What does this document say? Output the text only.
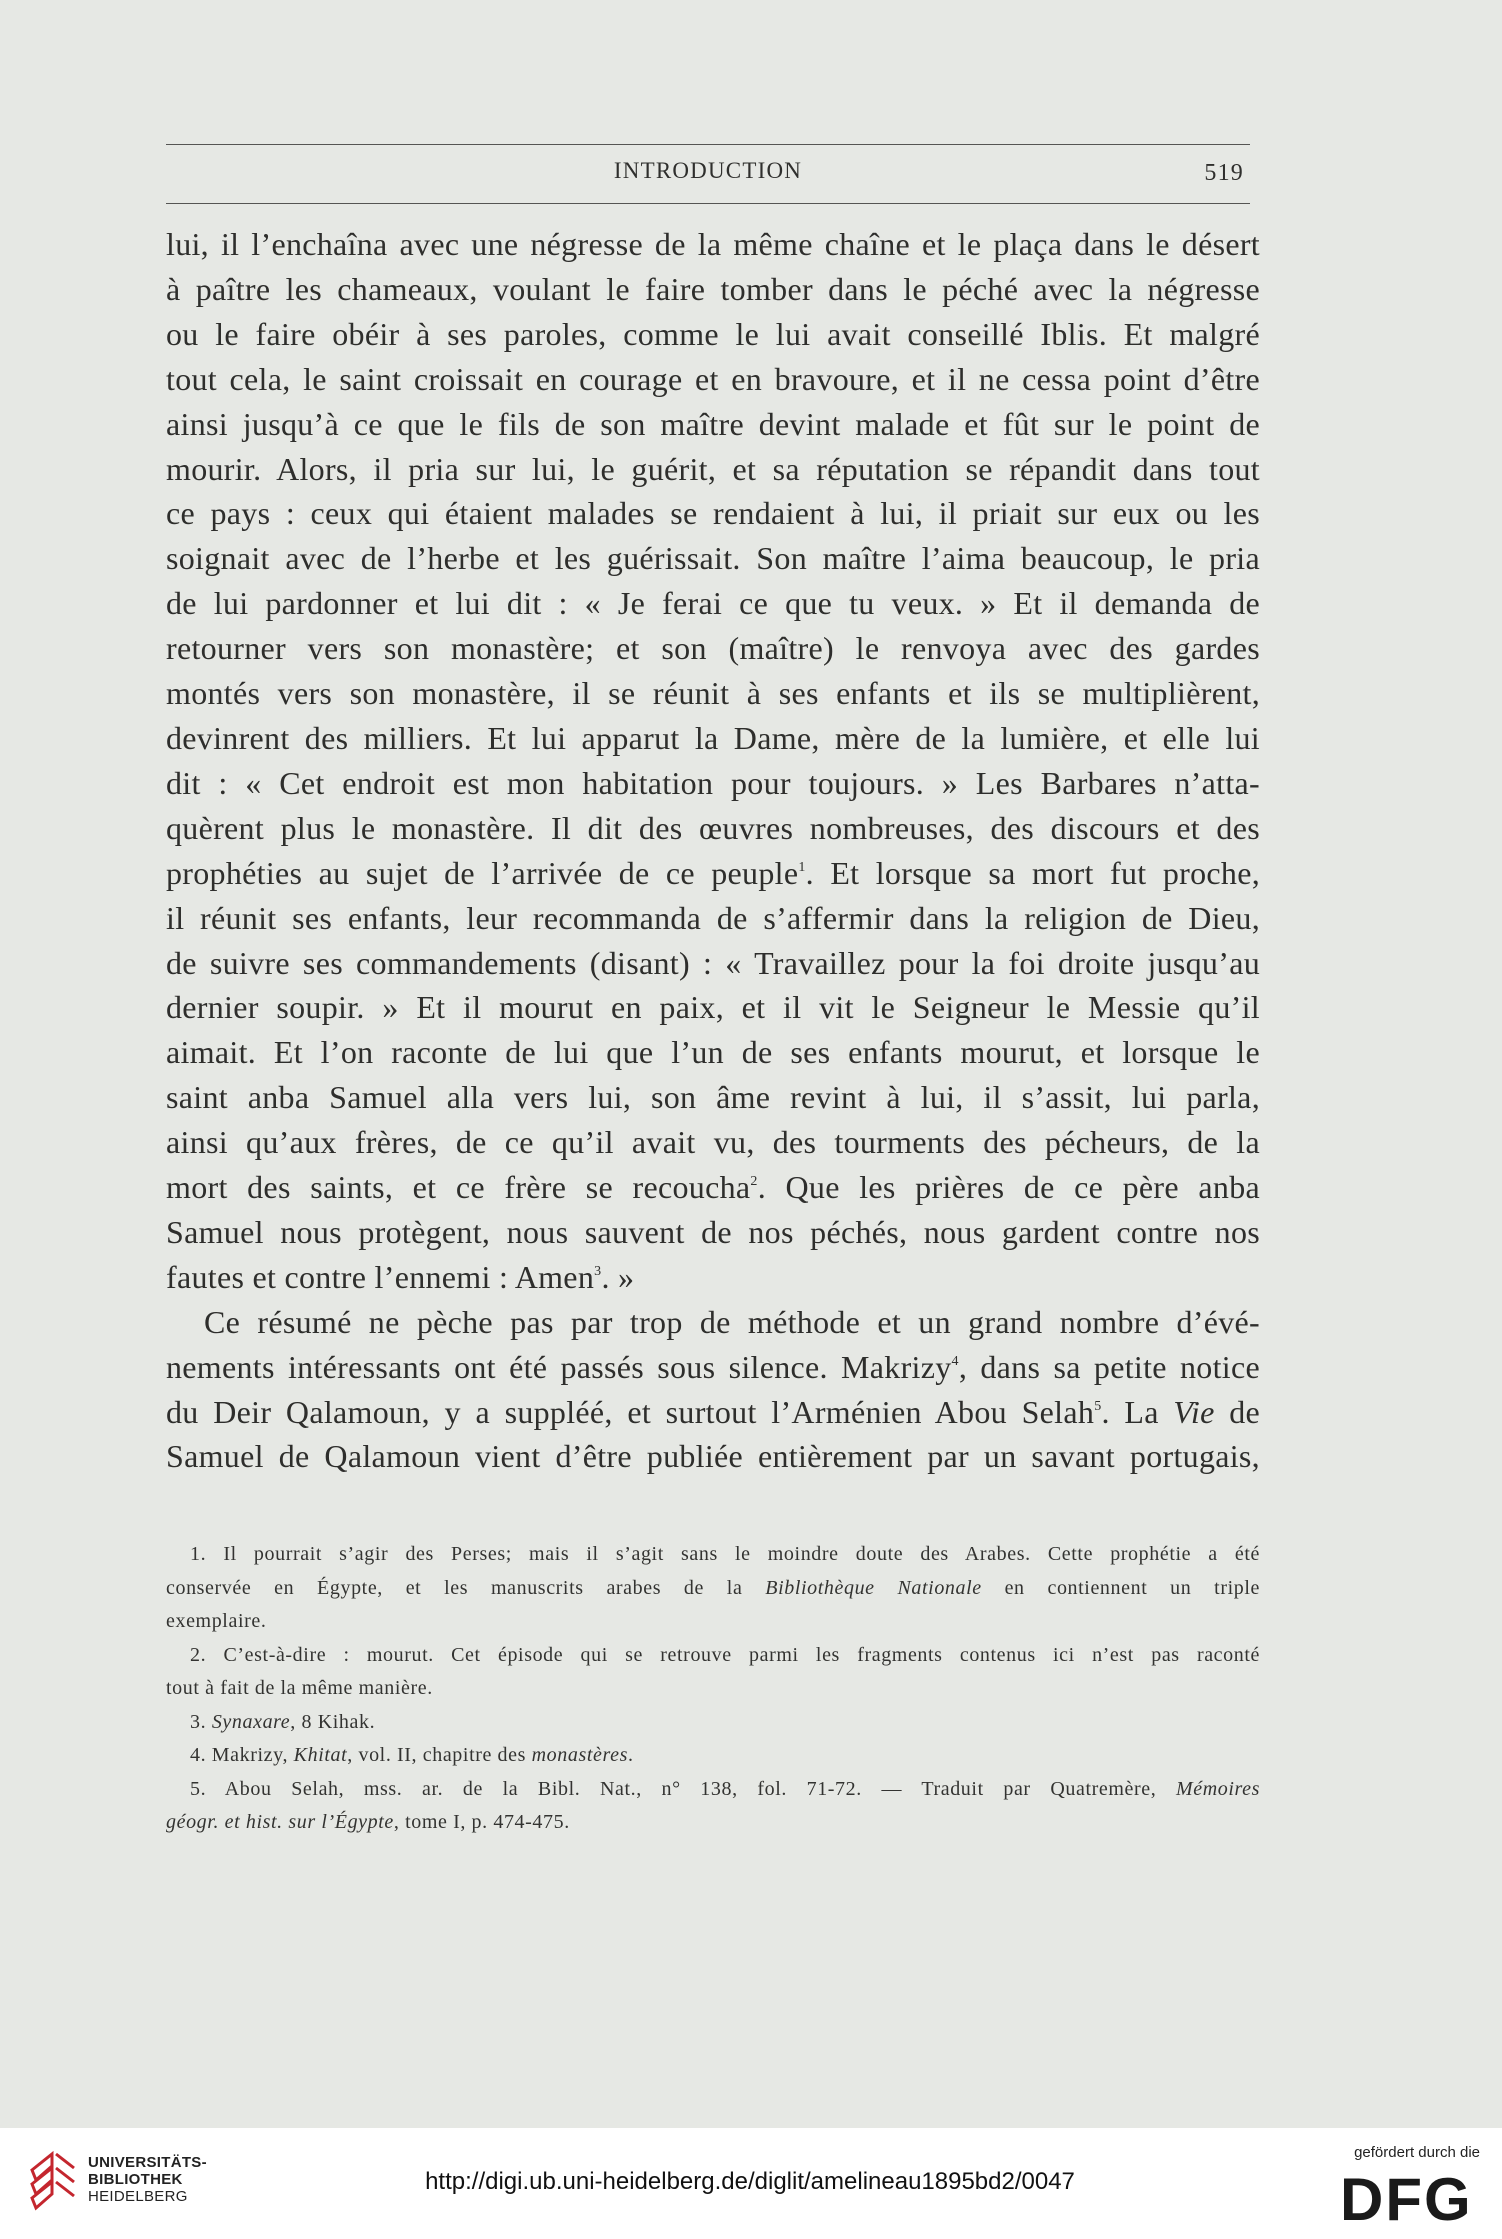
INTRODUCTION	519
lui, il l’enchaîna avec une négresse de la même chaîne et le plaça dans le désert
à paître les chameaux, voulant le faire tomber dans le péché avec la négresse
ou le faire obéir à ses paroles, comme le lui avait conseillé Iblis. Et malgré
tout cela, le saint croissait en courage et en bravoure, et il ne cessa point d’être
ainsi jusqu’à ce que le fils de son maître devint malade et fût sur le point de
mourir. Alors, il pria sur lui, le guérit, et sa réputation se répandit dans tout
ce pays : ceux qui étaient malades se rendaient à lui, il priait sur eux ou les
soignait avec de l’herbe et les guérissait. Son maître l’aima beaucoup, le pria
de lui pardonner et lui dit : « Je ferai ce que tu veux. » Et il demanda de
retourner vers son monastère; et son (maître) le renvoya avec des gardes
montés vers son monastère, il se réunit à ses enfants et ils se multiplièrent,
devinrent des milliers. Et lui apparut la Dame, mère de la lumière, et elle lui
dit : « Cet endroit est mon habitation pour toujours. » Les Barbares n’atta-
quèrent plus le monastère. Il dit des œuvres nombreuses, des discours et des
prophéties au sujet de l’arrivée de ce peuple$^1$. Et lorsque sa mort fut proche,
il réunit ses enfants, leur recommanda de s’affermir dans la religion de Dieu,
de suivre ses commandements (disant) : « Travaillez pour la foi droite jusqu’au
dernier soupir. » Et il mourut en paix, et il vit le Seigneur le Messie qu’il
aimait. Et l’on raconte de lui que l’un de ses enfants mourut, et lorsque le
saint anba Samuel alla vers lui, son âme revint à lui, il s’assit, lui parla,
ainsi qu’aux frères, de ce qu’il avait vu, des tourments des pécheurs, de la
mort des saints, et ce frère se recoucha$^2$. Que les prières de ce père anba
Samuel nous protègent, nous sauvent de nos péchés, nous gardent contre nos
fautes et contre l’ennemi : Amen$^3$. »
Ce résumé ne pèche pas par trop de méthode et un grand nombre d’évé-
nements intéressants ont été passés sous silence. Makrizy$^4$, dans sa petite notice
du Deir Qalamoun, y a suppléé, et surtout l’Arménien Abou Selah$^5$. La Vie de
Samuel de Qalamoun vient d’être publiée entièrement par un savant portugais,
1. Il pourrait s’agir des Perses; mais il s’agit sans le moindre doute des Arabes. Cette prophétie a été
conservée en Égypte, et les manuscrits arabes de la Bibliothèque Nationale en contiennent un triple
exemplaire.
2. C’est-à-dire : mourut. Cet épisode qui se retrouve parmi les fragments contenus ici n’est pas raconté
tout à fait de la même manière.
3. Synaxare, 8 Kihak.
4. Makrizy, Khitat, vol. II, chapitre des monastères.
5. Abou Selah, mss. ar. de la Bibl. Nat., n° 138, fol. 71-72. — Traduit par Quatremère, Mémoires
géogr. et hist. sur l’Égypte, tome I, p. 474-475.
UNIVERSITÄTS-
BIBLIOTHEK
HEIDELBERG
http://digi.ub.uni-heidelberg.de/diglit/amelineau1895bd2/0047
gefördert durch die
DFG
